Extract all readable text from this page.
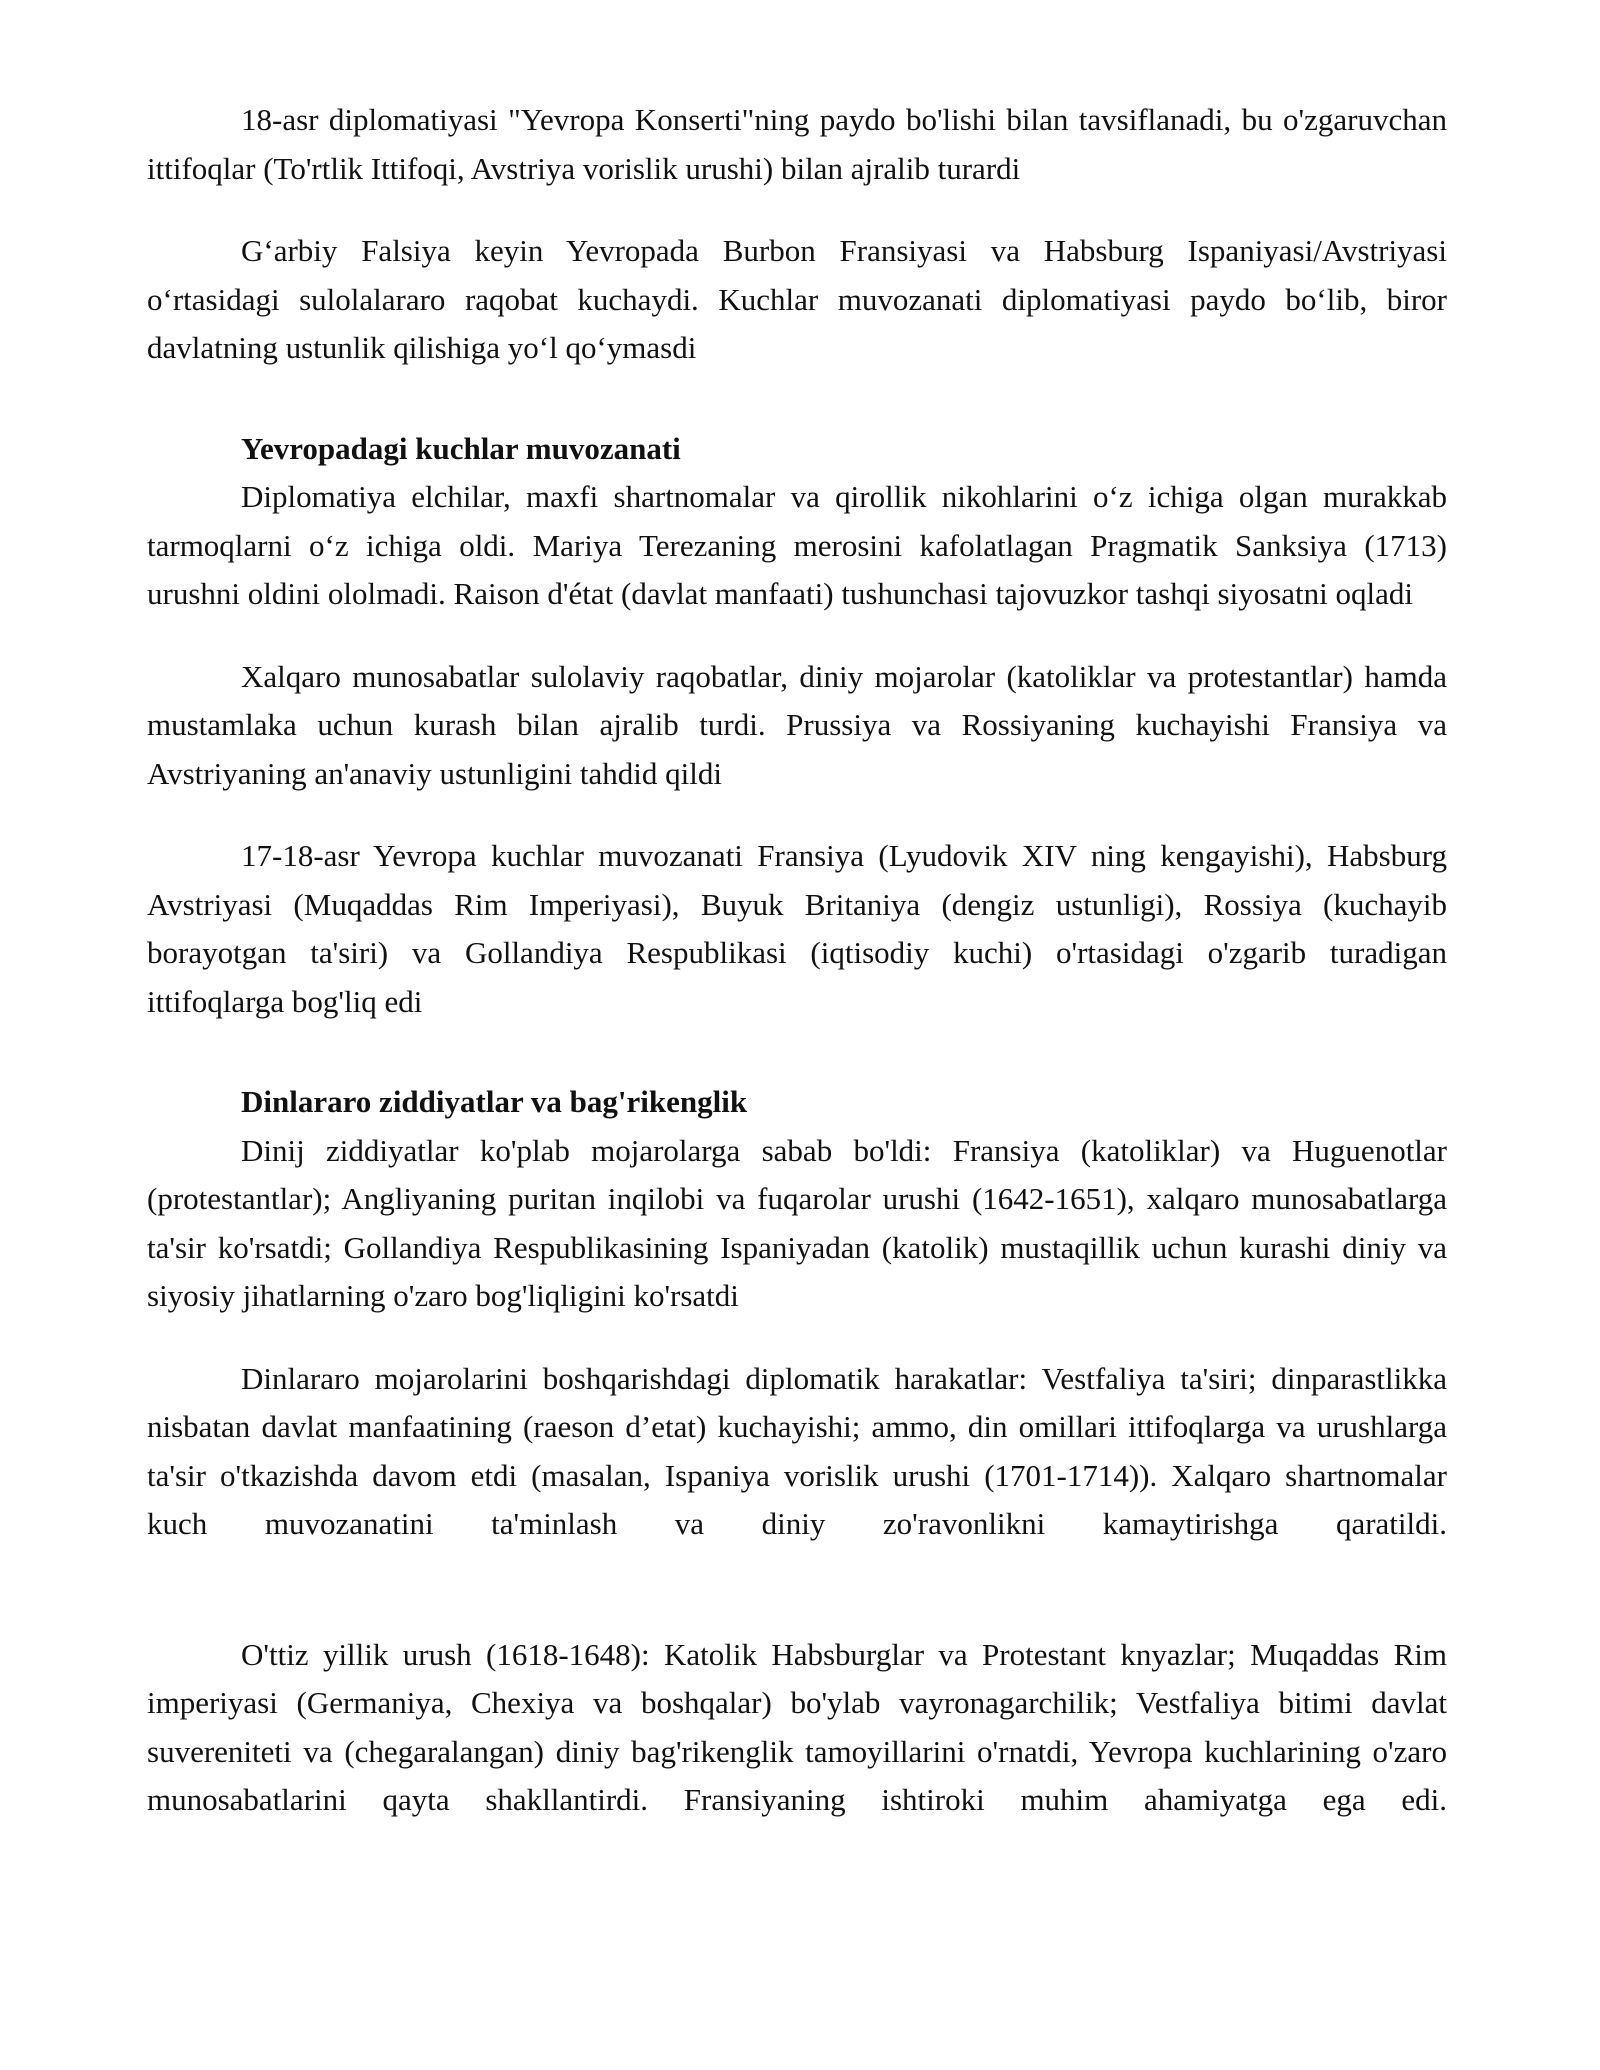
18-asr diplomatiyasi "Yevropa Konserti"ning paydo bo'lishi bilan tavsiflanadi, bu o'zgaruvchan ittifoqlar (To'rtlik Ittifoqi, Avstriya vorislik urushi) bilan ajralib turardi

G‘arbiy Falsiya keyin Yevropada Burbon Fransiyasi va Habsburg Ispaniyasi/Avstriyasi o‘rtasidagi sulolalararo raqobat kuchaydi. Kuchlar muvozanati diplomatiyasi paydo bo‘lib, biror davlatning ustunlik qilishiga yo‘l qo‘ymasdi

Yevropadagi kuchlar muvozanati

Diplomatiya elchilar, maxfi shartnomalar va qirollik nikohlarini o‘z ichiga olgan murakkab tarmoqlarni o‘z ichiga oldi. Mariya Terezaning merosini kafolatlagan Pragmatik Sanksiya (1713) urushni oldini ololmadi. Raison d'état (davlat manfaati) tushunchasi tajovuzkor tashqi siyosatni oqladi

Xalqaro munosabatlar sulolaviy raqobatlar, diniy mojarolar (katoliklar va protestantlar) hamda mustamlaka uchun kurash bilan ajralib turdi. Prussiya va Rossiyaning kuchayishi Fransiya va Avstriyaning an'anaviy ustunligini tahdid qildi

17-18-asr Yevropa kuchlar muvozanati Fransiya (Lyudovik XIV ning kengayishi), Habsburg Avstriyasi (Muqaddas Rim Imperiyasi), Buyuk Britaniya (dengiz ustunligi), Rossiya (kuchayib borayotgan ta'siri) va Gollandiya Respublikasi (iqtisodiy kuchi) o'rtasidagi o'zgarib turadigan ittifoqlarga bog'liq edi

Dinlararo ziddiyatlar va bag'rikenglik

Dinij ziddiyatlar ko'plab mojarolarga sabab bo'ldi: Fransiya (katoliklar) va Huguenotlar (protestantlar); Angliyaning puritan inqilobi va fuqarolar urushi (1642-1651), xalqaro munosabatlarga ta'sir ko'rsatdi; Gollandiya Respublikasining Ispaniyadan (katolik) mustaqillik uchun kurashi diniy va siyosiy jihatlarning o'zaro bog'liqligini ko'rsatdi

Dinlararo mojarolarini boshqarishdagi diplomatik harakatlar: Vestfaliya ta'siri; dinparastlikka nisbatan davlat manfaatining (raeson d’etat) kuchayishi; ammo, din omillari ittifoqlarga va urushlarga ta'sir o'tkazishda davom etdi (masalan, Ispaniya vorislik urushi (1701-1714)). Xalqaro shartnomalar kuch muvozanatini ta'minlash va diniy zo'ravonlikni kamaytirishga qaratildi.

O'ttiz yillik urush (1618-1648): Katolik Habsburglar va Protestant knyazlar; Muqaddas Rim imperiyasi (Germaniya, Chexiya va boshqalar) bo'ylab vayronagarchilik; Vestfaliya bitimi davlat suvereniteti va (chegaralangan) diniy bag'rikenglik tamoyillarini o'rnatdi, Yevropa kuchlarining o'zaro munosabatlarini qayta shakllantirdi. Fransiyaning ishtiroki muhim ahamiyatga ega edi.
